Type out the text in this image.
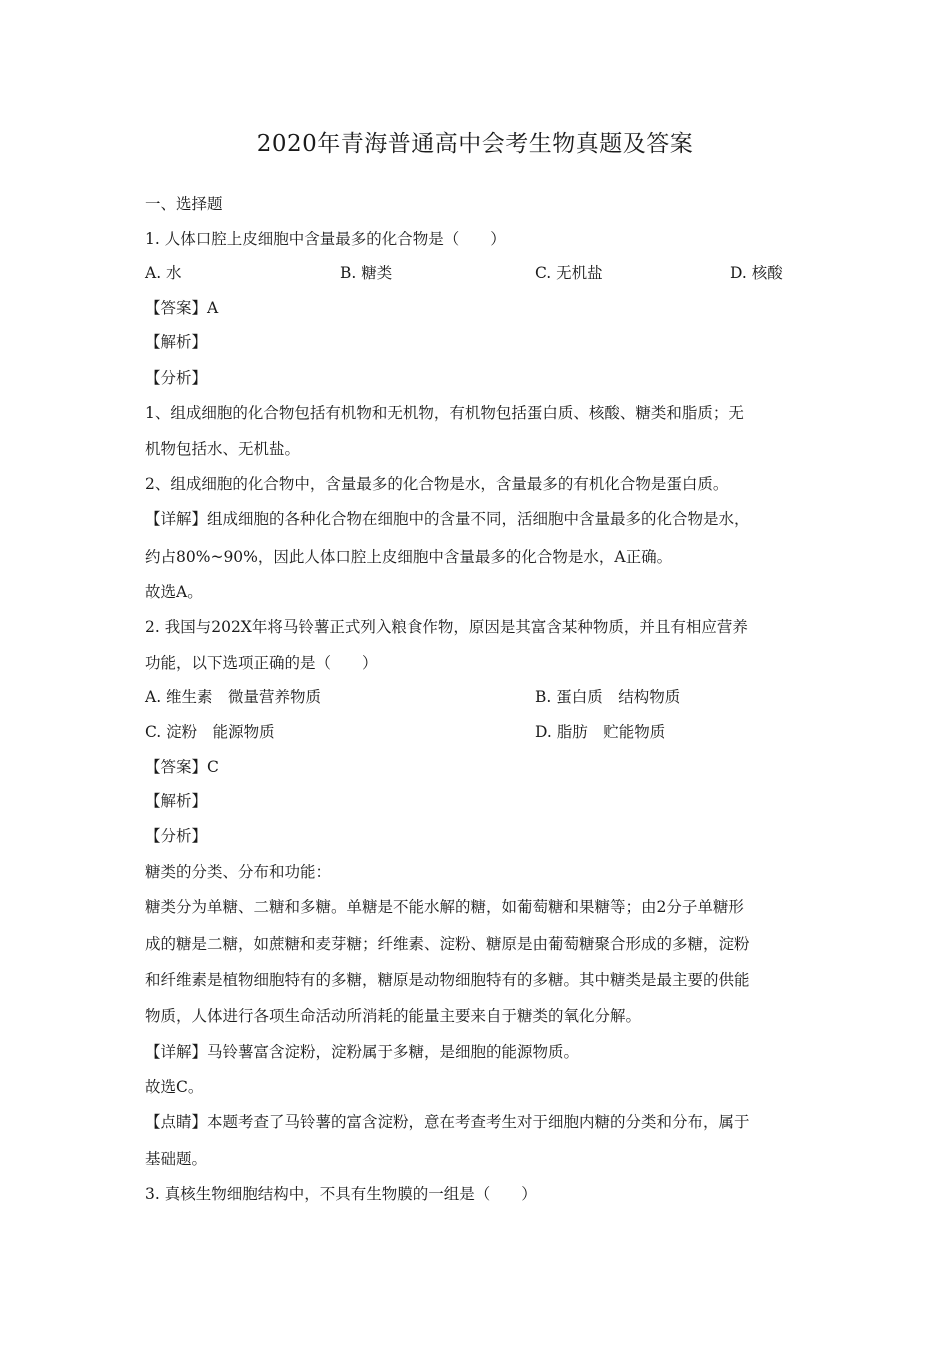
2020年青海普通高中会考生物真题及答案
一、选择题
1. 人体口腔上皮细胞中含量最多的化合物是（　　）
A. 水	B. 糖类	C. 无机盐	D. 核酸
【答案】A
【解析】
【分析】
1、组成细胞的化合物包括有机物和无机物，有机物包括蛋白质、核酸、糖类和脂质；无
机物包括水、无机盐。
2、组成细胞的化合物中，含量最多的化合物是水，含量最多的有机化合物是蛋白质。
【详解】组成细胞的各种化合物在细胞中的含量不同，活细胞中含量最多的化合物是水，
约占80%~90%，因此人体口腔上皮细胞中含量最多的化合物是水，A正确。
故选A。
2. 我国与202X年将马铃薯正式列入粮食作物，原因是其富含某种物质，并且有相应营养
功能，以下选项正确的是（　　）
A. 维生素　微量营养物质	B. 蛋白质　结构物质
C. 淀粉　能源物质	D. 脂肪　贮能物质
【答案】C
【解析】
【分析】
糖类的分类、分布和功能：
糖类分为单糖、二糖和多糖。单糖是不能水解的糖，如葡萄糖和果糖等；由2分子单糖形
成的糖是二糖，如蔗糖和麦芽糖；纤维素、淀粉、糖原是由葡萄糖聚合形成的多糖，淀粉
和纤维素是植物细胞特有的多糖，糖原是动物细胞特有的多糖。其中糖类是最主要的供能
物质，人体进行各项生命活动所消耗的能量主要来自于糖类的氧化分解。
【详解】马铃薯富含淀粉，淀粉属于多糖，是细胞的能源物质。
故选C。
【点睛】本题考查了马铃薯的富含淀粉，意在考查考生对于细胞内糖的分类和分布，属于
基础题。
3. 真核生物细胞结构中，不具有生物膜的一组是（　　）
